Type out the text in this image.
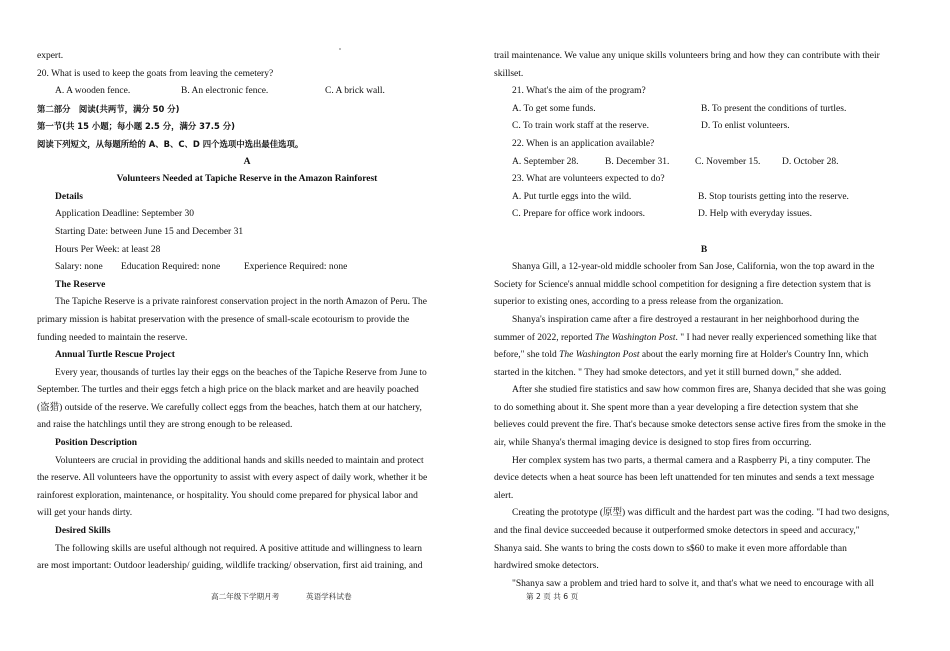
expert.

20. What is used to keep the goats from leaving the cemetery?

A. A wooden fence.	B. An electronic fence.	C. A brick wall.

第二部分　阅读(共两节，满分 50 分)

第一节(共 15 小题；每小题 2.5 分，满分 37.5 分)

阅读下列短文，从每题所给的 A、B、C、D 四个选项中选出最佳选项。

A

Volunteers Needed at Tapiche Reserve in the Amazon Rainforest

Details

Application Deadline: September 30

Starting Date: between June 15 and December 31

Hours Per Week: at least 28

Salary: none	Education Required: none	Experience Required: none

The Reserve

The Tapiche Reserve is a private rainforest conservation project in the north Amazon of Peru. The

primary mission is habitat preservation with the presence of small-scale ecotourism to provide the

funding needed to maintain the reserve.

Annual Turtle Rescue Project

Every year, thousands of turtles lay their eggs on the beaches of the Tapiche Reserve from June to

September. The turtles and their eggs fetch a high price on the black market and are heavily poached

(盗猎) outside of the reserve. We carefully collect eggs from the beaches, hatch them at our hatchery,

and raise the hatchlings until they are strong enough to be released.

Position Description

Volunteers are crucial in providing the additional hands and skills needed to maintain and protect

the reserve. All volunteers have the opportunity to assist with every aspect of daily work, whether it be

rainforest exploration, maintenance, or hospitality. You should come prepared for physical labor and

will get your hands dirty.

Desired Skills

The following skills are useful although not required. A positive attitude and willingness to learn

are most important: Outdoor leadership/ guiding, wildlife tracking/ observation, first aid training, and

trail maintenance. We value any unique skills volunteers bring and how they can contribute with their

skillset.

21. What's the aim of the program?

A. To get some funds.	B. To present the conditions of turtles.
C. To train work staff at the reserve.	D. To enlist volunteers.

22. When is an application available?

A. September 28.	B. December 31.	C. November 15.	D. October 28.

23. What are volunteers expected to do?

A. Put turtle eggs into the wild.	B. Stop tourists getting into the reserve.
C. Prepare for office work indoors.	D. Help with everyday issues.

B

Shanya Gill, a 12-year-old middle schooler from San Jose, California, won the top award in the

Society for Science's annual middle school competition for designing a fire detection system that is

superior to existing ones, according to a press release from the organization.

Shanya's inspiration came after a fire destroyed a restaurant in her neighborhood during the

summer of 2022, reported The Washington Post. " I had never really experienced something like that

before," she told The Washington Post about the early morning fire at Holder's Country Inn, which

started in the kitchen. " They had smoke detectors, and yet it still burned down," she added.

After she studied fire statistics and saw how common fires are, Shanya decided that she was going

to do something about it. She spent more than a year developing a fire detection system that she

believes could prevent the fire. That's because smoke detectors sense active fires from the smoke in the

air, while Shanya's thermal imaging device is designed to stop fires from occurring.

Her complex system has two parts, a thermal camera and a Raspberry Pi, a tiny computer. The

device detects when a heat source has been left unattended for ten minutes and sends a text message

alert.

Creating the prototype (原型) was difficult and the hardest part was the coding. "I had two designs,

and the final device succeeded because it outperformed smoke detectors in speed and accuracy,"

Shanya said. She wants to bring the costs down to s$60 to make it even more affordable than

hardwired smoke detectors.

"Shanya saw a problem and tried hard to solve it, and that's what we need to encourage with all

高二年级下学期月考	英语学科试卷	第 2 页 共 6 页
